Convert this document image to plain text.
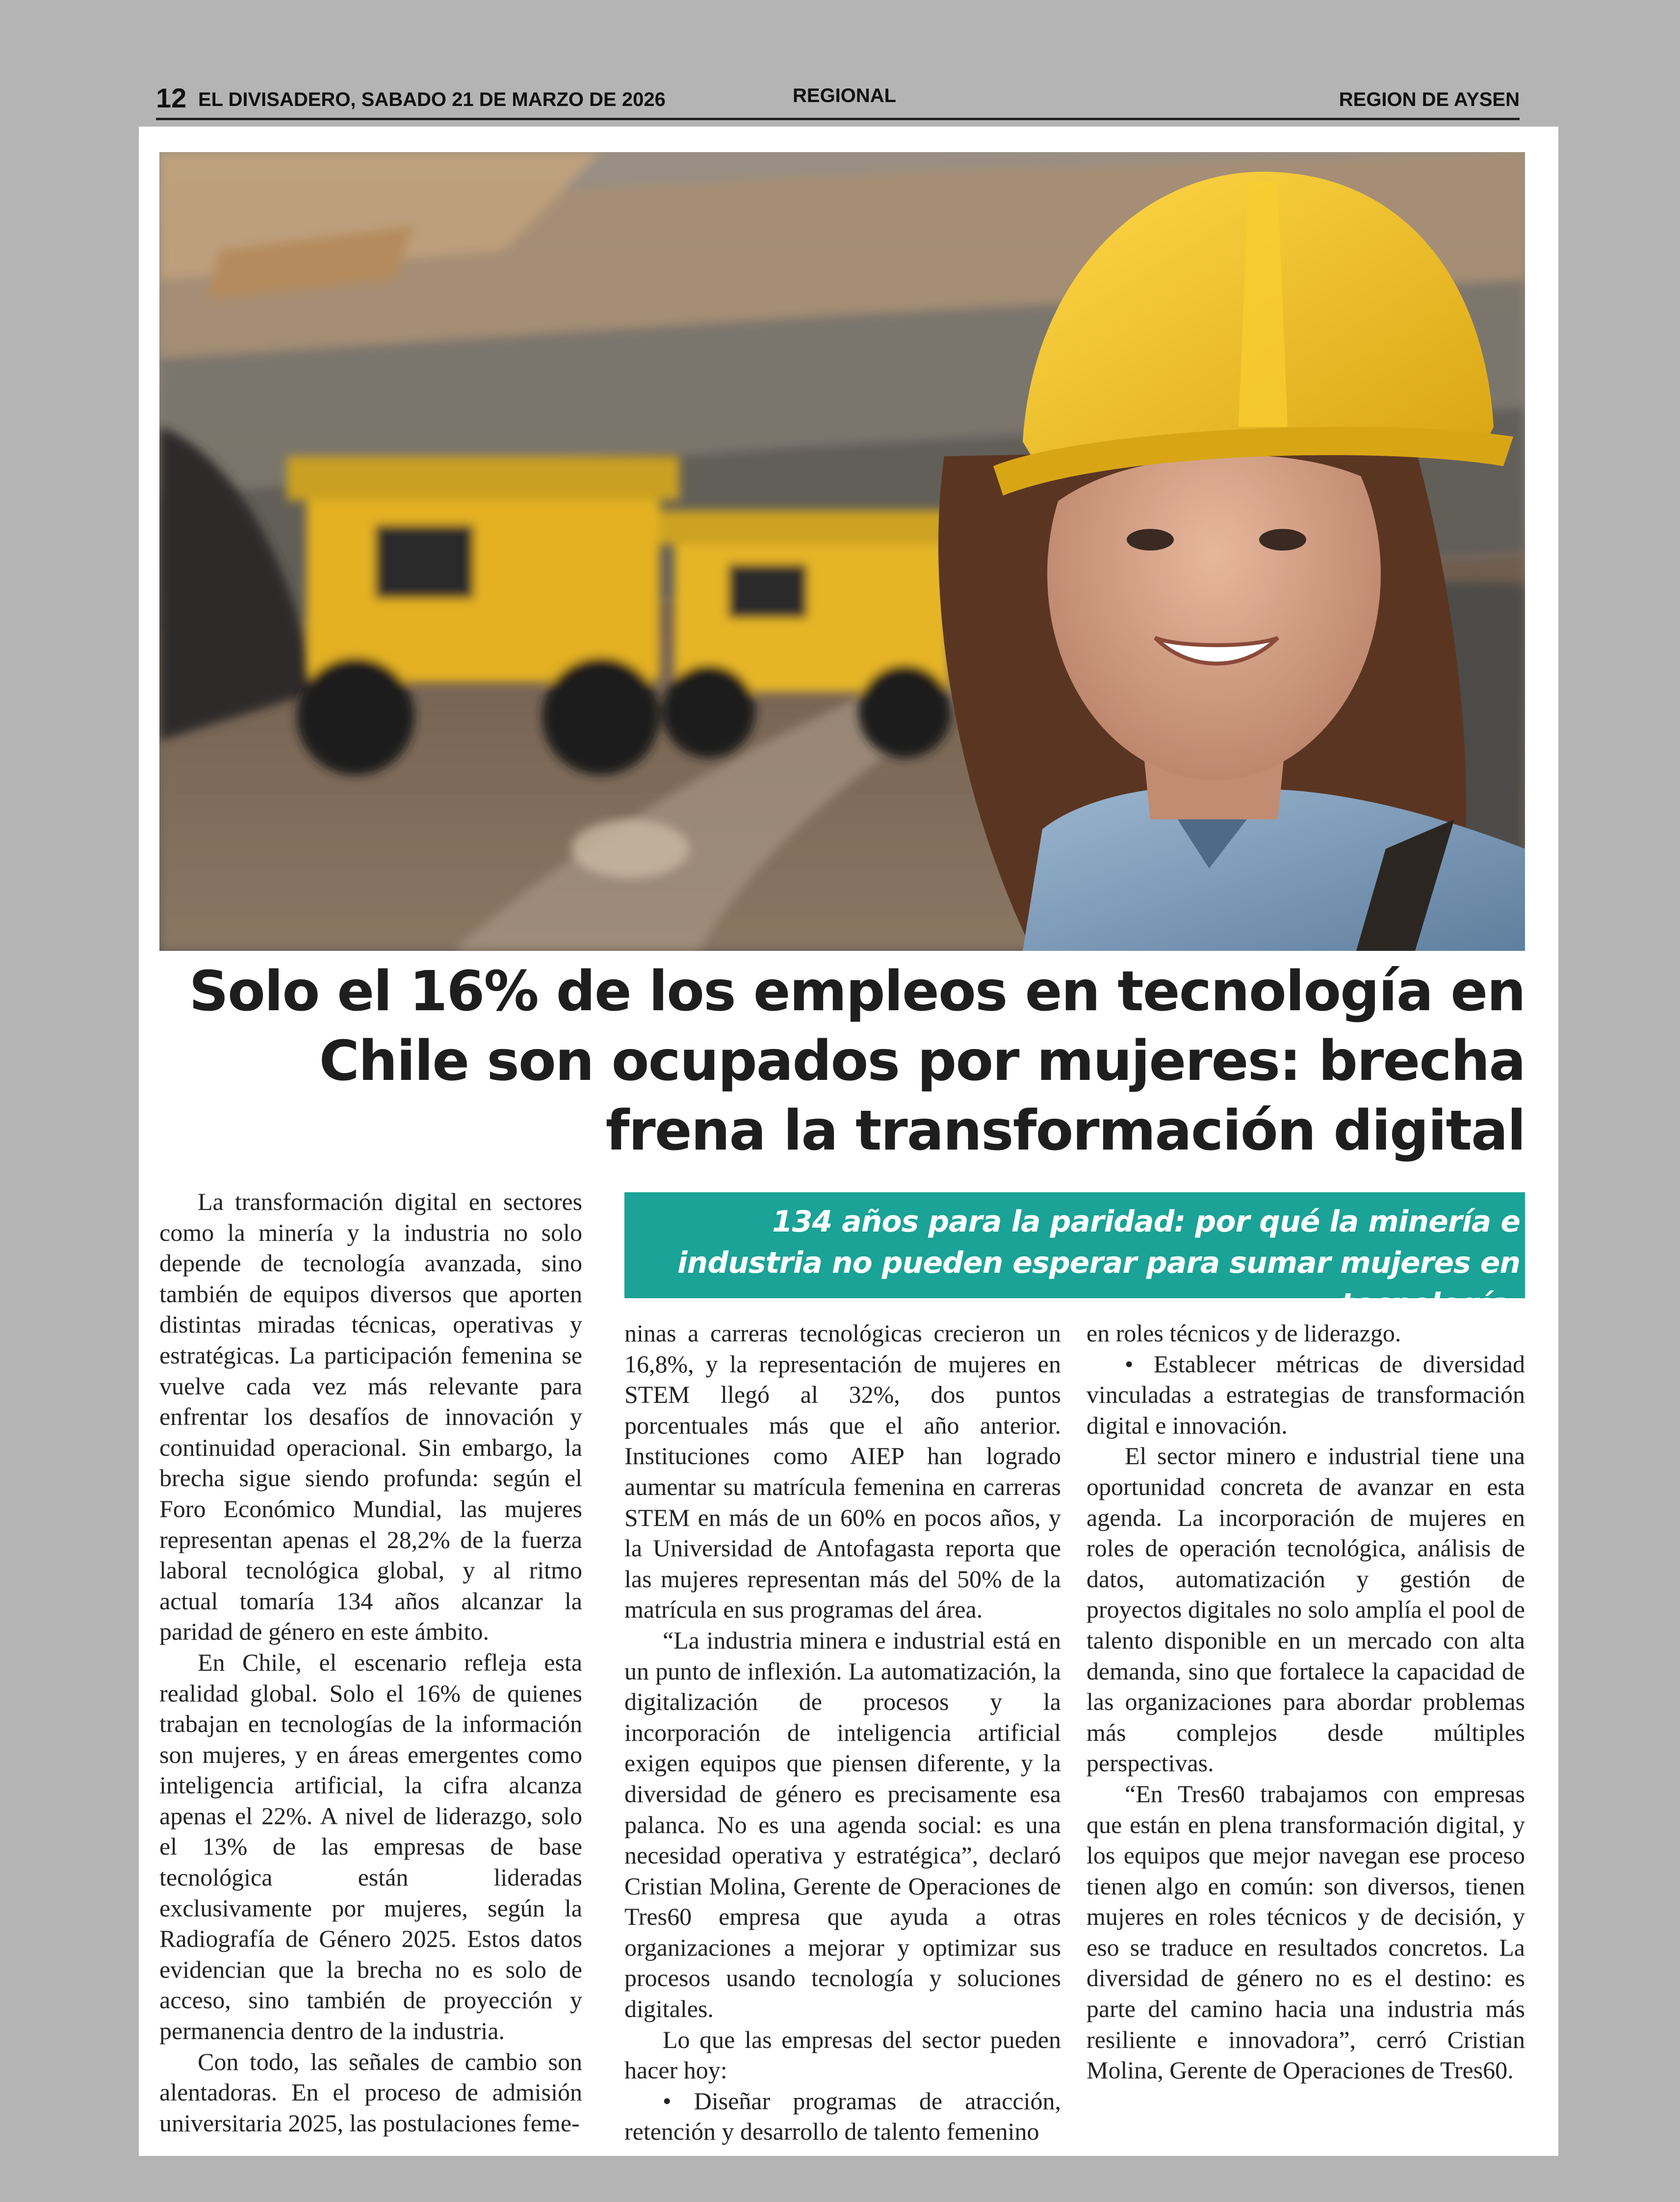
12 EL DIVISADERO, SABADO 21 DE MARZO DE 2026	REGIONAL	REGION DE AYSEN
Solo el 16% de los empleos en tecnología en Chile son ocupados por mujeres: brecha frena la transformación digital

La transformación digital en sectores como la minería y la industria no solo depende de tecnología avanzada, sino también de equipos diversos que aporten distintas miradas técnicas, operativas y estratégicas. La participación femenina se vuelve cada vez más relevante para enfrentar los desafíos de innovación y continuidad operacional. Sin embargo, la brecha sigue siendo profunda: según el Foro Económico Mundial, las mujeres representan apenas el 28,2% de la fuerza laboral tecnológica global, y al ritmo actual tomaría 134 años alcanzar la paridad de género en este ámbito.

En Chile, el escenario refleja esta realidad global. Solo el 16% de quienes trabajan en tecnologías de la información son mujeres, y en áreas emergentes como inteligencia artificial, la cifra alcanza apenas el 22%. A nivel de liderazgo, solo el 13% de las empresas de base tecnológica están lideradas exclusivamente por mujeres, según la Radiografía de Género 2025. Estos datos evidencian que la brecha no es solo de acceso, sino también de proyección y permanencia dentro de la industria.

Con todo, las señales de cambio son alentadoras. En el proceso de admisión universitaria 2025, las postulaciones feme-

134 años para la paridad: por qué la minería e industria no pueden esperar para sumar mujeres en tecnología.

ninas a carreras tecnológicas crecieron un 16,8%, y la representación de mujeres en STEM llegó al 32%, dos puntos porcentuales más que el año anterior. Instituciones como AIEP han logrado aumentar su matrícula femenina en carreras STEM en más de un 60% en pocos años, y la Universidad de Antofagasta reporta que las mujeres representan más del 50% de la matrícula en sus programas del área.

“La industria minera e industrial está en un punto de inflexión. La automatización, la digitalización de procesos y la incorporación de inteligencia artificial exigen equipos que piensen diferente, y la diversidad de género es precisamente esa palanca. No es una agenda social: es una necesidad operativa y estratégica”, declaró Cristian Molina, Gerente de Operaciones de Tres60 empresa que ayuda a otras organizaciones a mejorar y optimizar sus procesos usando tecnología y soluciones digitales.

Lo que las empresas del sector pueden hacer hoy:

• Diseñar programas de atracción, retención y desarrollo de talento femenino

en roles técnicos y de liderazgo.

• Establecer métricas de diversidad vinculadas a estrategias de transformación digital e innovación.

El sector minero e industrial tiene una oportunidad concreta de avanzar en esta agenda. La incorporación de mujeres en roles de operación tecnológica, análisis de datos, automatización y gestión de proyectos digitales no solo amplía el pool de talento disponible en un mercado con alta demanda, sino que fortalece la capacidad de las organizaciones para abordar problemas más complejos desde múltiples perspectivas.

“En Tres60 trabajamos con empresas que están en plena transformación digital, y los equipos que mejor navegan ese proceso tienen algo en común: son diversos, tienen mujeres en roles técnicos y de decisión, y eso se traduce en resultados concretos. La diversidad de género no es el destino: es parte del camino hacia una industria más resiliente e innovadora”, cerró Cristian Molina, Gerente de Operaciones de Tres60.
